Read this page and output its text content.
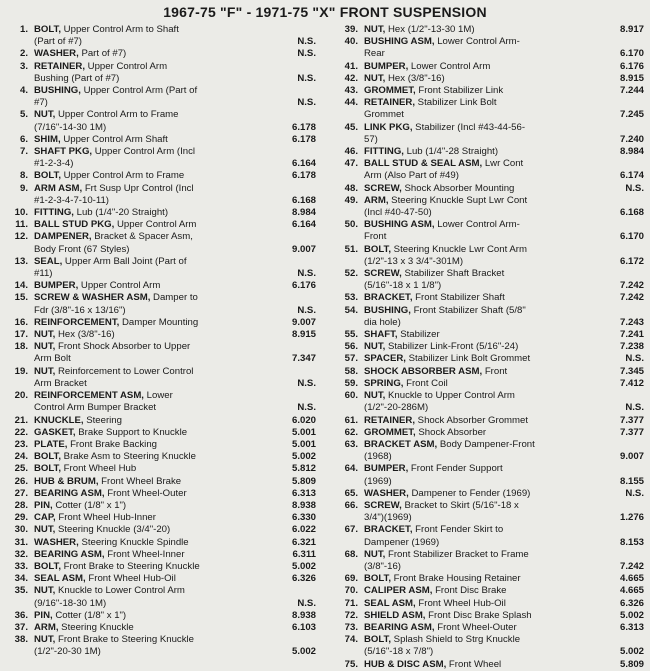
1967-75 "F" - 1971-75 "X" FRONT SUSPENSION
1. BOLT, Upper Control Arm to Shaft
(Part of #7)	N.S.
2. WASHER, Part of #7)	N.S.
3. RETAINER, Upper Control Arm
Bushing (Part of #7)	N.S.
4. BUSHING, Upper Control Arm (Part of
#7)	N.S.
5. NUT, Upper Control Arm to Frame
(7/16"-14-30 1M)	6.178
6. SHIM, Upper Control Arm Shaft	6.178
7. SHAFT PKG, Upper Control Arm (Incl
#1-2-3-4)	6.164
8. BOLT, Upper Control Arm to Frame	6.178
9. ARM ASM, Frt Susp Upr Control (Incl
#1-2-3-4-7-10-11)	6.168
10. FITTING, Lub (1/4"-20 Straight)	8.984
11. BALL STUD PKG, Upper Control Arm	6.164
12. DAMPENER, Bracket & Spacer Asm,
Body Front (67 Styles)	9.007
13. SEAL, Upper Arm Ball Joint (Part of
#11)	N.S.
14. BUMPER, Upper Control Arm	6.176
15. SCREW & WASHER ASM, Damper to
Fdr (3/8"-16 x 13/16")	N.S.
16. REINFORCEMENT, Damper Mounting	9.007
17. NUT, Hex (3/8"-16)	8.915
18. NUT, Front Shock Absorber to Upper
Arm Bolt	7.347
19. NUT, Reinforcement to Lower Control
Arm Bracket	N.S.
20. REINFORCEMENT ASM, Lower
Control Arm Bumper Bracket	N.S.
21. KNUCKLE, Steering	6.020
22. GASKET, Brake Support to Knuckle	5.001
23. PLATE, Front Brake Backing	5.001
24. BOLT, Brake Asm to Steering Knuckle	5.002
25. BOLT, Front Wheel Hub	5.812
26. HUB & BRUM, Front Wheel Brake	5.809
27. BEARING ASM, Front Wheel-Outer	6.313
28. PIN, Cotter (1/8" x 1")	8.938
29. CAP, Front Wheel Hub-Inner	6.330
30. NUT, Steering Knuckle (3/4"-20)	6.022
31. WASHER, Steering Knuckle Spindle	6.321
32. BEARING ASM, Front Wheel-Inner	6.311
33. BOLT, Front Brake to Steering Knuckle	5.002
34. SEAL ASM, Front Wheel Hub-Oil	6.326
35. NUT, Knuckle to Lower Control Arm
(9/16"-18-30 1M)	N.S.
36. PIN, Cotter (1/8" x 1")	8.938
37. ARM, Steering Knuckle	6.103
38. NUT, Front Brake to Steering Knuckle
(1/2"-20-30 1M)	5.002
39. NUT, Hex (1/2"-13-30 1M)	8.917
40. BUSHING ASM, Lower Control Arm-
Rear	6.170
41. BUMPER, Lower Control Arm	6.176
42. NUT, Hex (3/8"-16)	8.915
43. GROMMET, Front Stabilizer Link	7.244
44. RETAINER, Stabilizer Link Bolt
Grommet	7.245
45. LINK PKG, Stabilizer (Incl #43-44-56-
57)	7.240
46. FITTING, Lub (1/4"-28 Straight)	8.984
47. BALL STUD & SEAL ASM, Lwr Cont
Arm (Also Part of #49)	6.174
48. SCREW, Shock Absorber Mounting	N.S.
49. ARM, Steering Knuckle Supt Lwr Cont
(Incl #40-47-50)	6.168
50. BUSHING ASM, Lower Control Arm-
Front	6.170
51. BOLT, Steering Knuckle Lwr Cont Arm
(1/2"-13 x 3 3/4"-301M)	6.172
52. SCREW, Stabilizer Shaft Bracket
(5/16"-18 x 1 1/8")	7.242
53. BRACKET, Front Stabilizer Shaft	7.242
54. BUSHING, Front Stabilizer Shaft (5/8"
dia hole)	7.243
55. SHAFT, Stabilizer	7.241
56. NUT, Stabilizer Link-Front (5/16"-24)	7.238
57. SPACER, Stabilizer Link Bolt Grommet	N.S.
58. SHOCK ABSORBER ASM, Front	7.345
59. SPRING, Front Coil	7.412
60. NUT, Knuckle to Upper Control Arm
(1/2"-20-286M)	N.S.
61. RETAINER, Shock Absorber Grommet	7.377
62. GROMMET, Shock Absorber	7.377
63. BRACKET ASM, Body Dampener-Front
(1968)	9.007
64. BUMPER, Front Fender Support
(1969)	8.155
65. WASHER, Dampener to Fender (1969)	N.S.
66. SCREW, Bracket to Skirt (5/16"-18 x
3/4")(1969)	1.276
67. BRACKET, Front Fender Skirt to
Dampener (1969)	8.153
68. NUT, Front Stabilizer Bracket to Frame
(3/8"-16)	7.242
69. BOLT, Front Brake Housing Retainer	4.665
70. CALIPER ASM, Front Disc Brake	4.665
71. SEAL ASM, Front Wheel Hub-Oil	6.326
72. SHIELD ASM, Front Disc Brake Splash	5.002
73. BEARING ASM, Front Wheel-Outer	6.313
74. BOLT, Splash Shield to Strg Knuckle
(5/16"-18 x 7/8")	5.002
75. HUB & DISC ASM, Front Wheel	5.809
